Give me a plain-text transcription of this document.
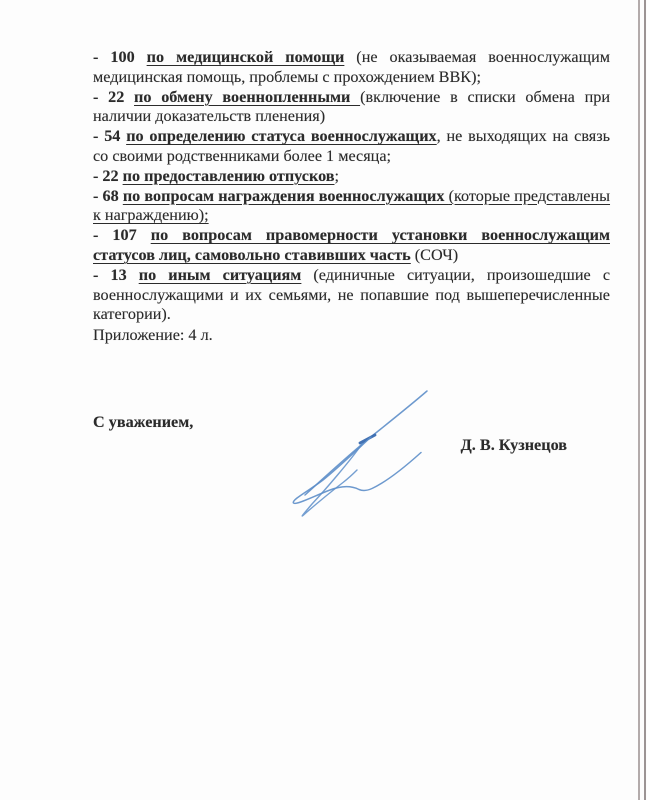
- 100 по медицинской помощи (не оказываемая военнослужащим медицинская помощь, проблемы с прохождением ВВК);

- 22 по обмену военнопленными (включение в списки обмена при наличии доказательств пленения)

- 54 по определению статуса военнослужащих, не выходящих на связь со своими родственниками более 1 месяца;

- 22 по предоставлению отпусков;

- 68 по вопросам награждения военнослужащих (которые представлены к награждению);

- 107 по вопросам правомерности установки военнослужащим статусов лиц, самовольно ставивших часть (СОЧ)

- 13 по иным ситуациям (единичные ситуации, произошедшие с военнослужащими и их семьями, не попавшие под вышеперечисленные категории).

Приложение: 4 л.
С уважением,
Д. В. Кузнецов
